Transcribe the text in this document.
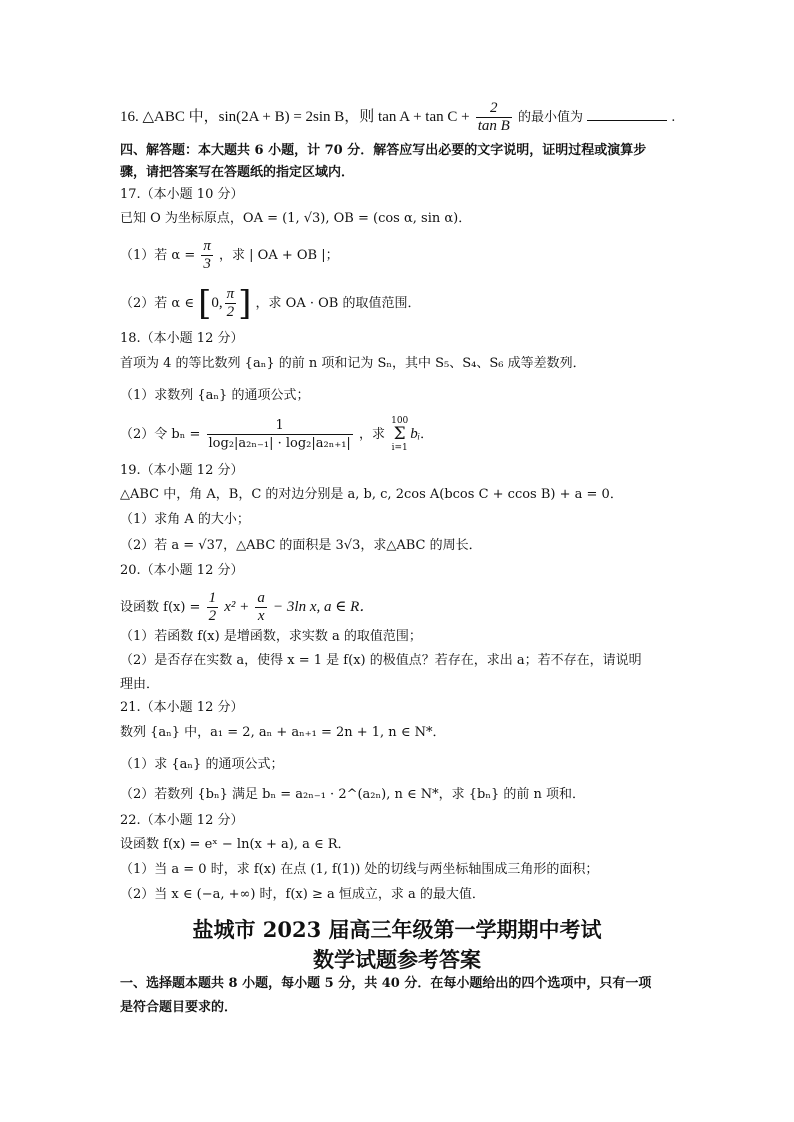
16. △ABC 中，sin(2A + B) = 2sin B，则 $\tan A + \tan C + \frac{2}{\text{tan B}}$ 的最小值为	.
四、解答题：本大题共 6 小题，计 70 分．解答应写出必要的文字说明，证明过程或演算步
骤，请把答案写在答题纸的指定区域内．
17.（本小题 10 分）
已知 O 为坐标原点，OA = (1, √3), OB = (cos α, sin α)．
（1）若 $\alpha = \frac{\pi}{3}$ ，求 | OA + OB |；
（2）若 α ∈ [0, $\frac{\pi}{2}$ ] ，求 OA · OB 的取值范围．
18.（本小题 12 分）
首项为 4 的等比数列 {aₙ} 的前 n 项和记为 Sₙ，其中 S₅、S₄、S₆ 成等差数列．
（1）求数列 {aₙ} 的通项公式；
（2）令 $b_n = \frac{1}{\text{log₂|a₂ₙ₋₁| · log₂|a₂ₙ₊₁|}}$ ，求 100
Σ
i=1bᵢ．
19.（本小题 12 分）
△ABC 中，角 A，B，C 的对边分别是 a, b, c, 2cos A(bcos C + ccos B) + a = 0．
（1）求角 A 的大小；
（2）若 a = √37，△ABC 的面积是 3√3，求△ABC 的周长．
20.（本小题 12 分）
设函数 $f(x) = \frac{1}{2} x^2 + \frac{a}{x} - 3\ln$ x, a ∈ R．
（1）若函数 f(x) 是增函数，求实数 a 的取值范围；
（2）是否存在实数 a，使得 x = 1 是 f(x) 的极值点？若存在，求出 a；若不存在，请说明
理由．
21.（本小题 12 分）
数列 {aₙ} 中，a₁ = 2, aₙ + aₙ₊₁ = 2n + 1, n ∈ N*．
（1）求 {aₙ} 的通项公式；
（2）若数列 {bₙ} 满足 bₙ = a₂ₙ₋₁ · 2^(a₂ₙ), n ∈ N*，求 {bₙ} 的前 n 项和．
22.（本小题 12 分）
设函数 f(x) = eˣ − ln(x + a), a ∈ R．
（1）当 a = 0 时，求 f(x) 在点 (1, f(1)) 处的切线与两坐标轴围成三角形的面积；
（2）当 x ∈ (−a, +∞) 时，f(x) ≥ a 恒成立，求 a 的最大值．
盐城市 2023 届高三年级第一学期期中考试
数学试题参考答案
一、选择题本题共 8 小题，每小题 5 分，共 40 分．在每小题给出的四个选项中，只有一项
是符合题目要求的．
